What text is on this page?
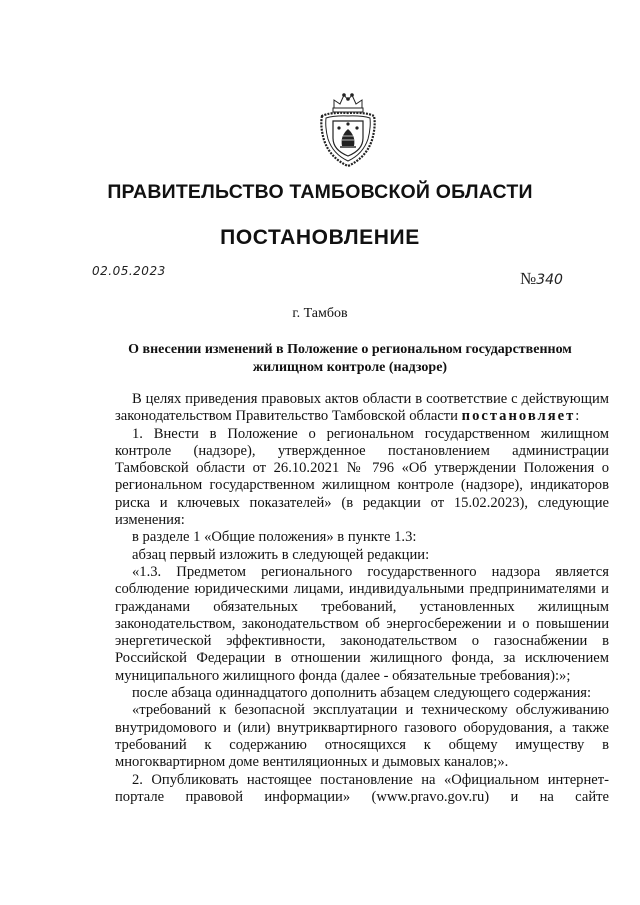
ПРАВИТЕЛЬСТВО ТАМБОВСКОЙ ОБЛАСТИ
ПОСТАНОВЛЕНИЕ
02.05.2023	№340
г. Тамбов
О внесении изменений в Положение о региональном государственном
жилищном контроле (надзоре)

В целях приведения правовых актов области в соответствие с действующим законодательством Правительство Тамбовской области постановляет:

1. Внести в Положение о региональном государственном жилищном контроле (надзоре), утвержденное постановлением администрации Тамбовской области от 26.10.2021 № 796 «Об утверждении Положения о региональном государственном жилищном контроле (надзоре), индикаторов риска и ключевых показателей» (в редакции от 15.02.2023), следующие изменения:

в разделе 1 «Общие положения» в пункте 1.3:

абзац первый изложить в следующей редакции:

«1.3. Предметом регионального государственного надзора является соблюдение юридическими лицами, индивидуальными предпринимателями и гражданами обязательных требований, установленных жилищным законодательством, законодательством об энергосбережении и о повышении энергетической эффективности, законодательством о газоснабжении в Российской Федерации в отношении жилищного фонда, за исключением муниципального жилищного фонда (далее - обязательные требования):»;

после абзаца одиннадцатого дополнить абзацем следующего содержания:

«требований к безопасной эксплуатации и техническому обслуживанию внутридомового и (или) внутриквартирного газового оборудования, а также требований к содержанию относящихся к общему имуществу в многоквартирном доме вентиляционных и дымовых каналов;».

2. Опубликовать настоящее постановление на «Официальном интернет-портале правовой информации» (www.pravo.gov.ru) и на сайте
